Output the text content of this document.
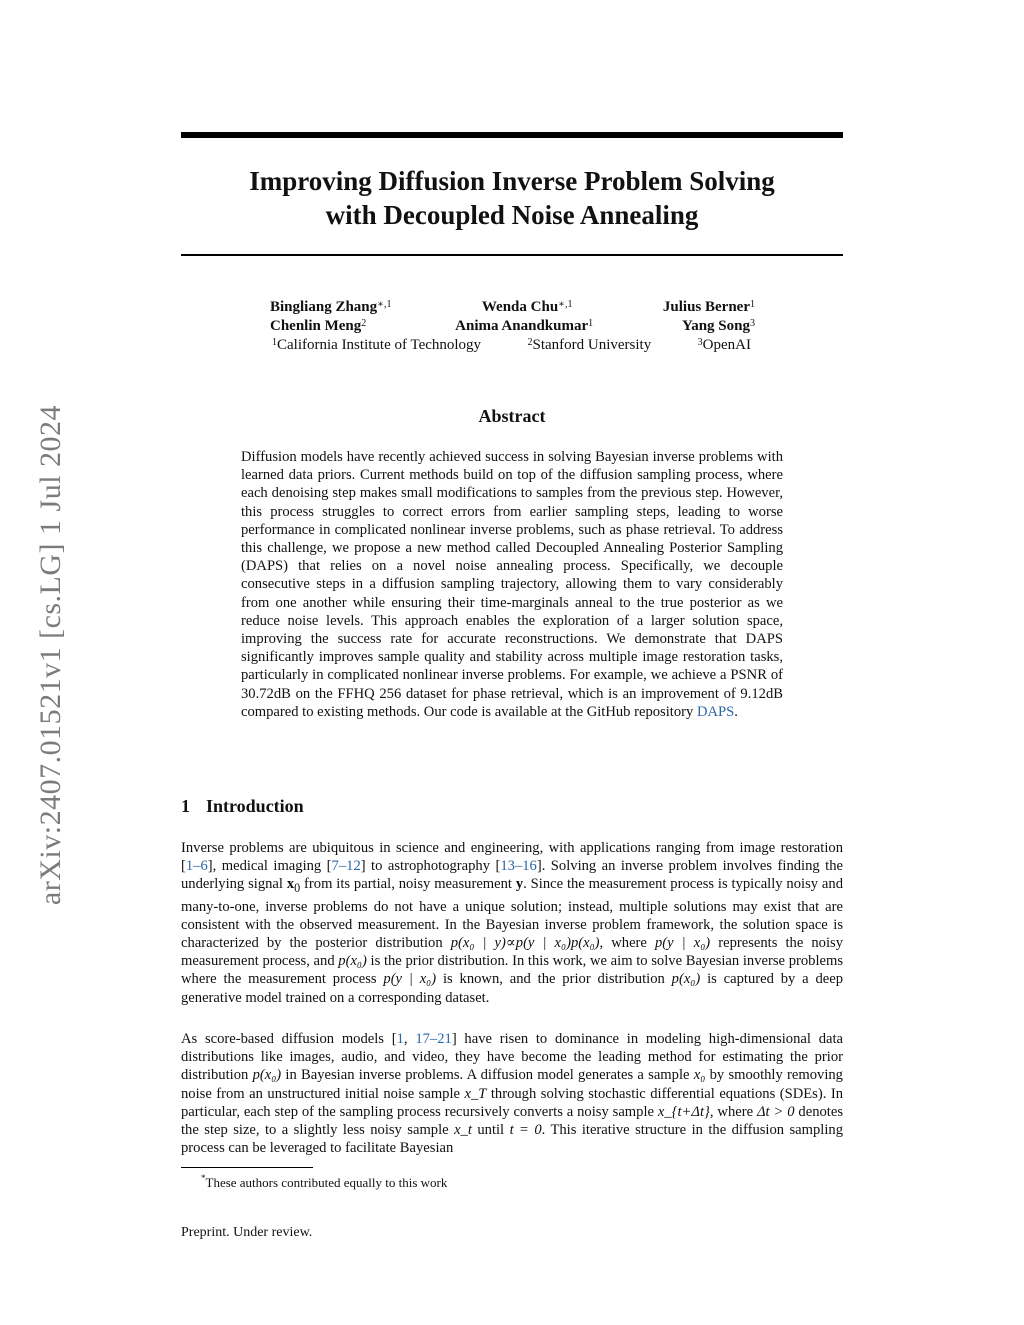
arXiv:2407.01521v1 [cs.LG] 1 Jul 2024
Improving Diffusion Inverse Problem Solving
with Decoupled Noise Annealing
Bingliang Zhang$^{∗,1}$	Wenda Chu$^{∗,1}$	Julius Berner$^1$
Chenlin Meng$^2$	Anima Anandkumar$^1$	Yang Song$^3$
$^1$California Institute of Technology	$^2$Stanford University	$^3$OpenAI
Abstract

Diffusion models have recently achieved success in solving Bayesian inverse problems with learned data priors. Current methods build on top of the diffusion sampling process, where each denoising step makes small modifications to samples from the previous step. However, this process struggles to correct errors from earlier sampling steps, leading to worse performance in complicated nonlinear inverse problems, such as phase retrieval. To address this challenge, we propose a new method called Decoupled Annealing Posterior Sampling (DAPS) that relies on a novel noise annealing process. Specifically, we decouple consecutive steps in a diffusion sampling trajectory, allowing them to vary considerably from one another while ensuring their time-marginals anneal to the true posterior as we reduce noise levels. This approach enables the exploration of a larger solution space, improving the success rate for accurate reconstructions. We demonstrate that DAPS significantly improves sample quality and stability across multiple image restoration tasks, particularly in complicated nonlinear inverse problems. For example, we achieve a PSNR of 30.72dB on the FFHQ 256 dataset for phase retrieval, which is an improvement of 9.12dB compared to existing methods. Our code is available at the GitHub repository DAPS.

1 Introduction

Inverse problems are ubiquitous in science and engineering, with applications ranging from image restoration [1–6], medical imaging [7–12] to astrophotography [13–16]. Solving an inverse problem involves finding the underlying signal $x_0$ from its partial, noisy measurement y. Since the measurement process is typically noisy and many-to-one, inverse problems do not have a unique solution; instead, multiple solutions may exist that are consistent with the observed measurement. In the Bayesian inverse problem framework, the solution space is characterized by the posterior distribution p(x₀ | y)∝p(y | x₀)p(x₀), where p(y | x₀) represents the noisy measurement process, and p(x₀) is the prior distribution. In this work, we aim to solve Bayesian inverse problems where the measurement process p(y | x₀) is known, and the prior distribution p(x₀) is captured by a deep generative model trained on a corresponding dataset.

As score-based diffusion models [1, 17–21] have risen to dominance in modeling high-dimensional data distributions like images, audio, and video, they have become the leading method for estimating the prior distribution p(x₀) in Bayesian inverse problems. A diffusion model generates a sample x₀ by smoothly removing noise from an unstructured initial noise sample x_T through solving stochastic differential equations (SDEs). In particular, each step of the sampling process recursively converts a noisy sample x_{t+Δt}, where Δt > 0 denotes the step size, to a slightly less noisy sample x_t until t = 0. This iterative structure in the diffusion sampling process can be leveraged to facilitate Bayesian

*These authors contributed equally to this work

Preprint. Under review.
